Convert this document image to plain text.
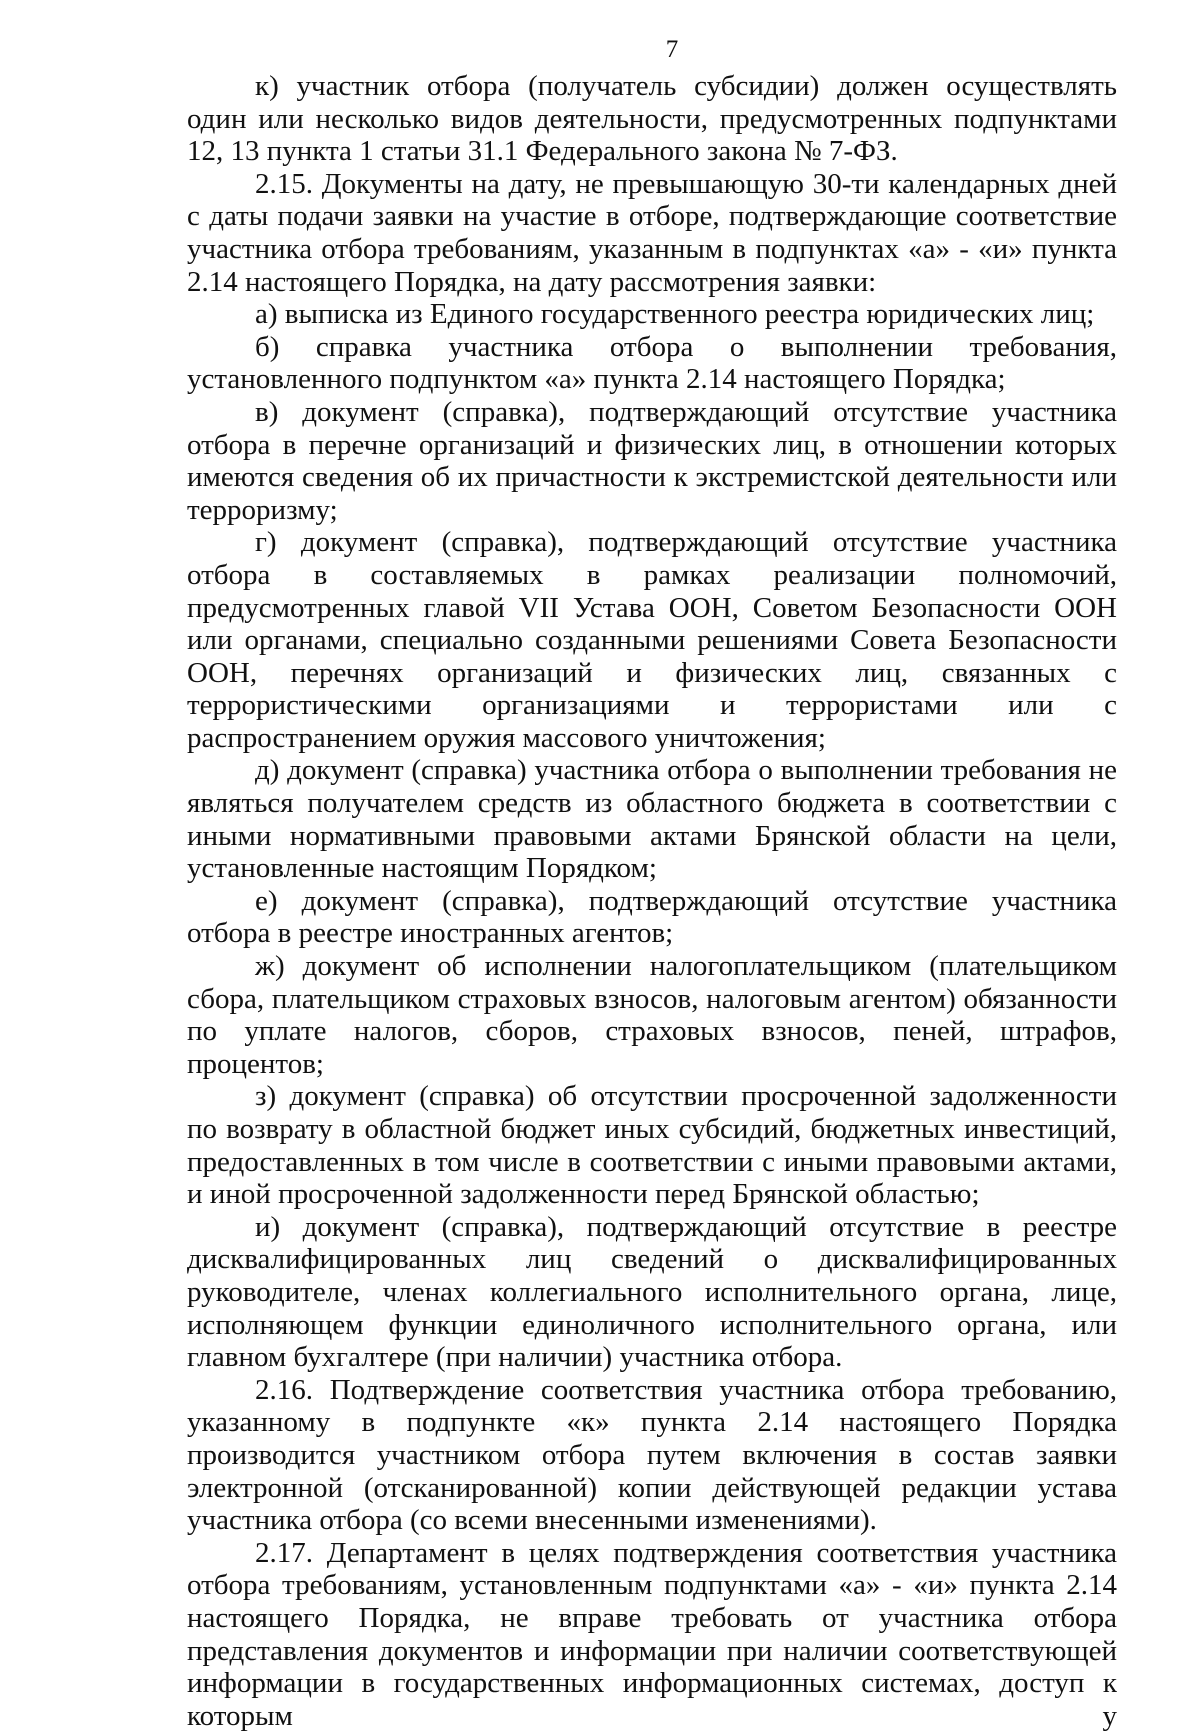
7

к) участник отбора (получатель субсидии) должен осуществлять один или несколько видов деятельности, предусмотренных подпунктами 12, 13 пункта 1 статьи 31.1 Федерального закона № 7-ФЗ.

2.15. Документы на дату, не превышающую 30-ти календарных дней с даты подачи заявки на участие в отборе, подтверждающие соответствие участника отбора требованиям, указанным в подпунктах «а» - «и» пункта 2.14 настоящего Порядка, на дату рассмотрения заявки:

а) выписка из Единого государственного реестра юридических лиц;

б) справка участника отбора о выполнении требования, установленного подпунктом «а» пункта 2.14 настоящего Порядка;

в) документ (справка), подтверждающий отсутствие участника отбора в перечне организаций и физических лиц, в отношении которых имеются сведения об их причастности к экстремистской деятельности или терроризму;

г) документ (справка), подтверждающий отсутствие участника отбора в составляемых в рамках реализации полномочий, предусмотренных главой VII Устава ООН, Советом Безопасности ООН или органами, специально созданными решениями Совета Безопасности ООН, перечнях организаций и физических лиц, связанных с террористическими организациями и террористами или с распространением оружия массового уничтожения;

д) документ (справка) участника отбора о выполнении требования не являться получателем средств из областного бюджета в соответствии с иными нормативными правовыми актами Брянской области на цели, установленные настоящим Порядком;

е) документ (справка), подтверждающий отсутствие участника отбора в реестре иностранных агентов;

ж) документ об исполнении налогоплательщиком (плательщиком сбора, плательщиком страховых взносов, налоговым агентом) обязанности по уплате налогов, сборов, страховых взносов, пеней, штрафов, процентов;

з) документ (справка) об отсутствии просроченной задолженности по возврату в областной бюджет иных субсидий, бюджетных инвестиций, предоставленных в том числе в соответствии с иными правовыми актами, и иной просроченной задолженности перед Брянской областью;

и) документ (справка), подтверждающий отсутствие в реестре дисквалифицированных лиц сведений о дисквалифицированных руководителе, членах коллегиального исполнительного органа, лице, исполняющем функции единоличного исполнительного органа, или главном бухгалтере (при наличии) участника отбора.

2.16. Подтверждение соответствия участника отбора требованию, указанному в подпункте «к» пункта 2.14 настоящего Порядка производится участником отбора путем включения в состав заявки электронной (отсканированной) копии действующей редакции устава участника отбора (со всеми внесенными изменениями).

2.17. Департамент в целях подтверждения соответствия участника отбора требованиям, установленным подпунктами «а» - «и» пункта 2.14 настоящего Порядка, не вправе требовать от участника отбора представления документов и информации при наличии соответствующей информации в государственных информационных системах, доступ к которым у
